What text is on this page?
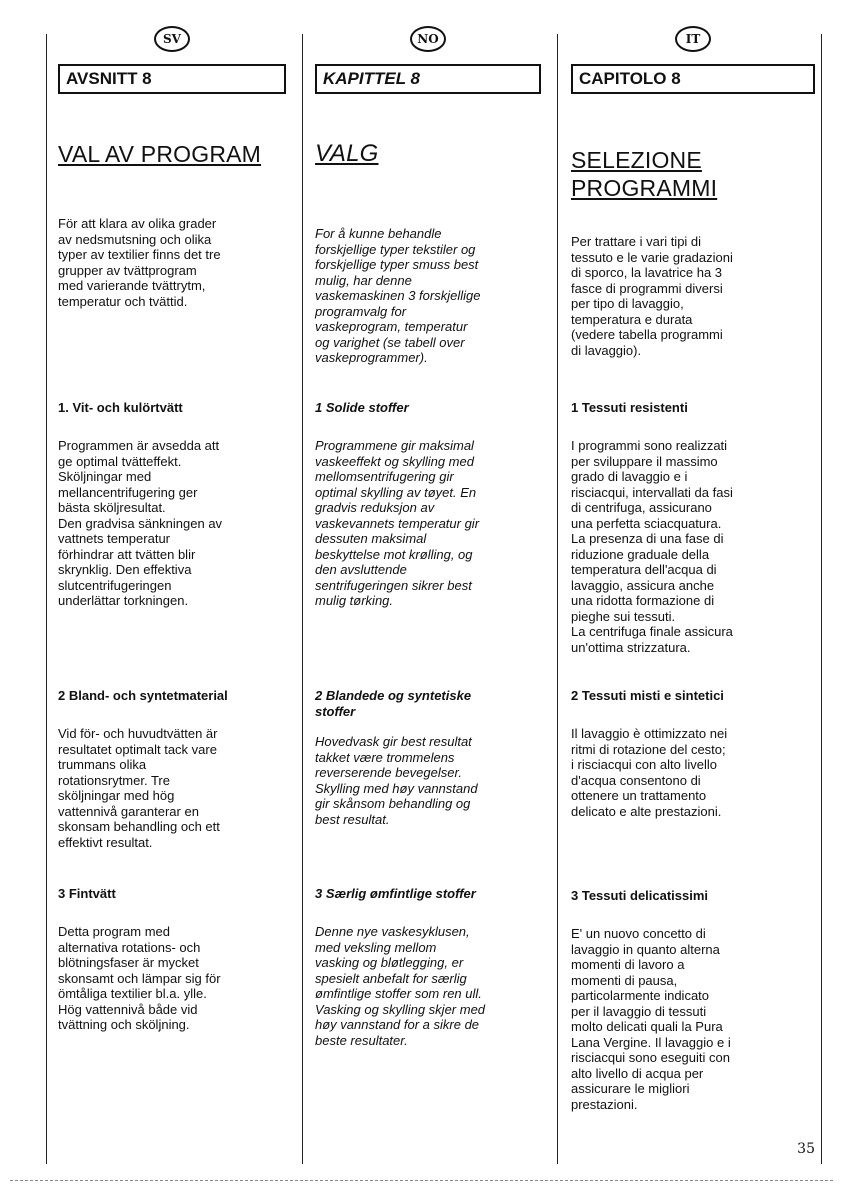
SV
AVSNITT 8
VAL AV PROGRAM
För att klara av olika grader
av nedsmutsning och olika
typer av textilier finns det tre
grupper av tvättprogram
med varierande tvättrytm,
temperatur och tvättid.
1. Vit- och kulörtvätt
Programmen är avsedda att
ge optimal tvätteffekt.
Sköljningar med
mellancentrifugering ger
bästa sköljresultat.
Den gradvisa sänkningen av
vattnets temperatur
förhindrar att tvätten blir
skrynklig. Den effektiva
slutcentrifugeringen
underlättar torkningen.
2 Bland- och syntetmaterial
Vid för- och huvudtvätten är
resultatet optimalt tack vare
trummans olika
rotationsrytmer. Tre
sköljningar med hög
vattennivå garanterar en
skonsam behandling och ett
effektivt resultat.
3 Fintvätt
Detta program med
alternativa rotations- och
blötningsfaser är mycket
skonsamt och lämpar sig för
ömtåliga textilier bl.a. ylle.
Hög vattennivå både vid
tvättning och sköljning.
NO
KAPITTEL 8
VALG
For å kunne behandle
forskjellige typer tekstiler og
forskjellige typer smuss best
mulig, har denne
vaskemaskinen 3 forskjellige
programvalg for
vaskeprogram, temperatur
og varighet (se tabell over
vaskeprogrammer).
1 Solide stoffer
Programmene gir maksimal
vaskeeffekt og skylling med
mellomsentrifugering gir
optimal skylling av tøyet. En
gradvis reduksjon av
vaskevannets temperatur gir
dessuten maksimal
beskyttelse mot krølling, og
den avsluttende
sentrifugeringen sikrer best
mulig tørking.
2 Blandede og syntetiske
stoffer
Hovedvask gir best resultat
takket være trommelens
reverserende bevegelser.
Skylling med høy vannstand
gir skånsom behandling og
best resultat.
3 Særlig ømfintlige stoffer
Denne nye vaskesyklusen,
med veksling mellom
vasking og bløtlegging, er
spesielt anbefalt for særlig
ømfintlige stoffer som ren ull.
Vasking og skylling skjer med
høy vannstand for a sikre de
beste resultater.
IT
CAPITOLO 8
SELEZIONE
PROGRAMMI
Per trattare i vari tipi di
tessuto e le varie gradazioni
di sporco, la lavatrice ha 3
fasce di programmi diversi
per tipo di lavaggio,
temperatura e durata
(vedere tabella programmi
di lavaggio).
1 Tessuti resistenti
I programmi sono realizzati
per sviluppare il massimo
grado di lavaggio e i
risciacqui, intervallati da fasi
di centrifuga, assicurano
una perfetta sciacquatura.
La presenza di una fase di
riduzione graduale della
temperatura dell'acqua di
lavaggio, assicura anche
una ridotta formazione di
pieghe sui tessuti.
La centrifuga finale assicura
un'ottima strizzatura.
2 Tessuti misti e sintetici
Il lavaggio è ottimizzato nei
ritmi di rotazione del cesto;
i risciacqui con alto livello
d'acqua consentono di
ottenere un trattamento
delicato e alte prestazioni.
3 Tessuti delicatissimi
E' un nuovo concetto di
lavaggio in quanto alterna
momenti di lavoro a
momenti di pausa,
particolarmente indicato
per il lavaggio di tessuti
molto delicati quali la Pura
Lana Vergine. Il lavaggio e i
risciacqui sono eseguiti con
alto livello di acqua per
assicurare le migliori
prestazioni.
35
